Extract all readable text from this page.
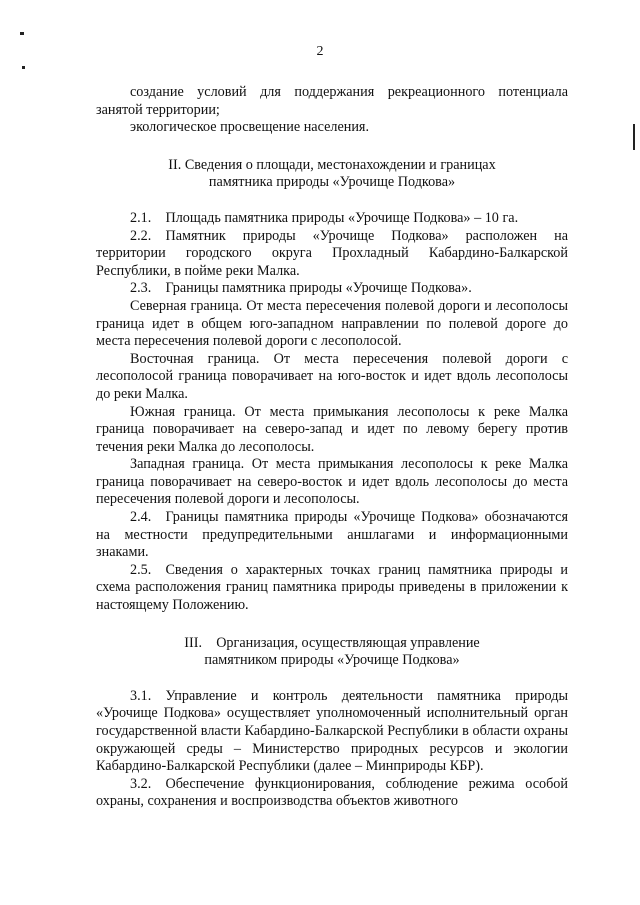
2

создание условий для поддержания рекреационного потенциала занятой территории;

экологическое просвещение населения.

II. Сведения о площади, местонахождении и границах
памятника природы «Урочище Подкова»

2.1. Площадь памятника природы «Урочище Подкова» – 10 га.

2.2. Памятник природы «Урочище Подкова» расположен на территории городского округа Прохладный Кабардино-Балкарской Республики, в пойме реки Малка.

2.3. Границы памятника природы «Урочище Подкова».

Северная граница. От места пересечения полевой дороги и лесополосы граница идет в общем юго-западном направлении по полевой дороге до места пересечения полевой дороги с лесополосой.

Восточная граница. От места пересечения полевой дороги с лесополосой граница поворачивает на юго-восток и идет вдоль лесополосы до реки Малка.

Южная граница. От места примыкания лесополосы к реке Малка граница поворачивает на северо-запад и идет по левому берегу против течения реки Малка до лесополосы.

Западная граница. От места примыкания лесополосы к реке Малка граница поворачивает на северо-восток и идет вдоль лесополосы до места пересечения полевой дороги и лесополосы.

2.4. Границы памятника природы «Урочище Подкова» обозначаются на местности предупредительными аншлагами и информационными знаками.

2.5. Сведения о характерных точках границ памятника природы и схема расположения границ памятника природы приведены в приложении к настоящему Положению.

III. Организация, осуществляющая управление
памятником природы «Урочище Подкова»

3.1. Управление и контроль деятельности памятника природы «Урочище Подкова» осуществляет уполномоченный исполнительный орган государственной власти Кабардино-Балкарской Республики в области охраны окружающей среды – Министерство природных ресурсов и экологии Кабардино-Балкарской Республики (далее – Минприроды КБР).

3.2. Обеспечение функционирования, соблюдение режима особой охраны, сохранения и воспроизводства объектов животного
